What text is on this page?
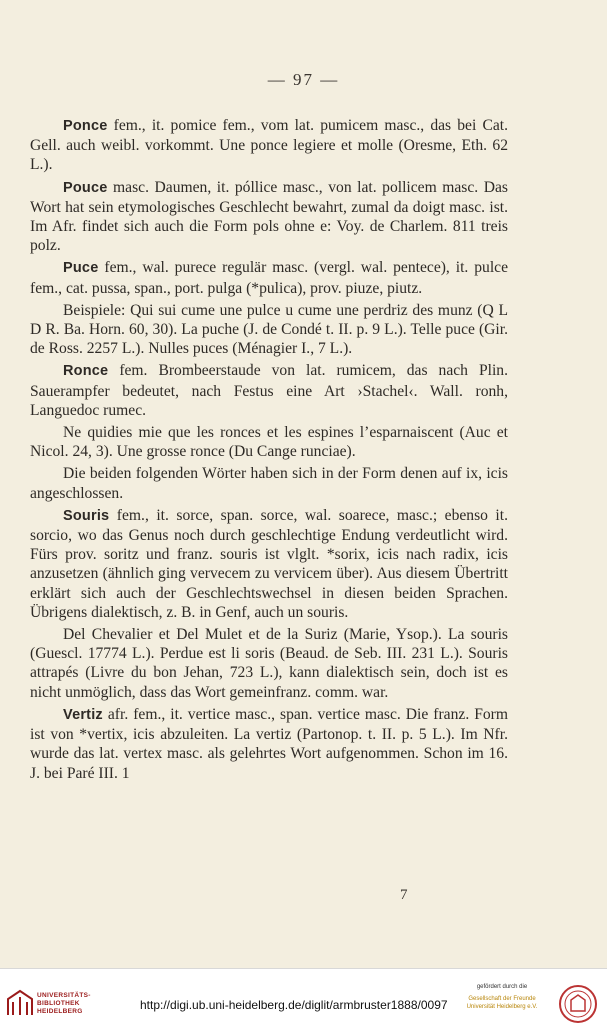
— 97 —

Ponce fem., it. pomice fem., vom lat. pumicem masc., das bei Cat. Gell. auch weibl. vorkommt. Une ponce legiere et molle (Oresme, Eth. 62 L.).

Pouce masc. Daumen, it. póllice masc., von lat. pollicem masc. Das Wort hat sein etymologisches Geschlecht bewahrt, zumal da doigt masc. ist. Im Afr. findet sich auch die Form pols ohne e: Voy. de Charlem. 811 treis polz.

Puce fem., wal. purece regulär masc. (vergl. wal. pentece), it. pulce fem., cat. pussa, span., port. pulga (*pulica), prov. piuze, piutz.

Beispiele: Qui sui cume une pulce u cume une perdriz des munz (Q L D R. Ba. Horn. 60, 30). La puche (J. de Condé t. II. p. 9 L.). Telle puce (Gir. de Ross. 2257 L.). Nulles puces (Ménagier I., 7 L.).

Ronce fem. Brombeerstaude von lat. rumicem, das nach Plin. Sauerampfer bedeutet, nach Festus eine Art ›Stachel‹. Wall. ronh, Languedoc rumec.

Ne quidies mie que les ronces et les espines l’esparnaiscent (Auc et Nicol. 24, 3). Une grosse ronce (Du Cange runciae).

Die beiden folgenden Wörter haben sich in der Form denen auf ix, icis angeschlossen.

Souris fem., it. sorce, span. sorce, wal. soarece, masc.; ebenso it. sorcio, wo das Genus noch durch geschlechtige Endung verdeutlicht wird. Fürs prov. soritz und franz. souris ist vlglt. *sorix, icis nach radix, icis anzusetzen (ähnlich ging vervecem zu vervicem über). Aus diesem Übertritt erklärt sich auch der Geschlechtswechsel in diesen beiden Sprachen. Übrigens dialektisch, z. B. in Genf, auch un souris.

Del Chevalier et Del Mulet et de la Suriz (Marie, Ysop.). La souris (Guescl. 17774 L.). Perdue est li soris (Beaud. de Seb. III. 231 L.). Souris attrapés (Livre du bon Jehan, 723 L.), kann dialektisch sein, doch ist es nicht unmöglich, dass das Wort gemeinfranz. comm. war.

Vertiz afr. fem., it. vertice masc., span. vertice masc. Die franz. Form ist von *vertix, icis abzuleiten. La vertiz (Partonop. t. II. p. 5 L.). Im Nfr. wurde das lat. vertex masc. als gelehrtes Wort aufgenommen. Schon im 16. J. bei Paré III. 1

7
UNIVERSITÄTS-
BIBLIOTHEK
HEIDELBERG	http://digi.ub.uni-heidelberg.de/diglit/armbruster1888/0097
gefördert durch die
Gesellschaft der Freunde
Universität Heidelberg e.V.
